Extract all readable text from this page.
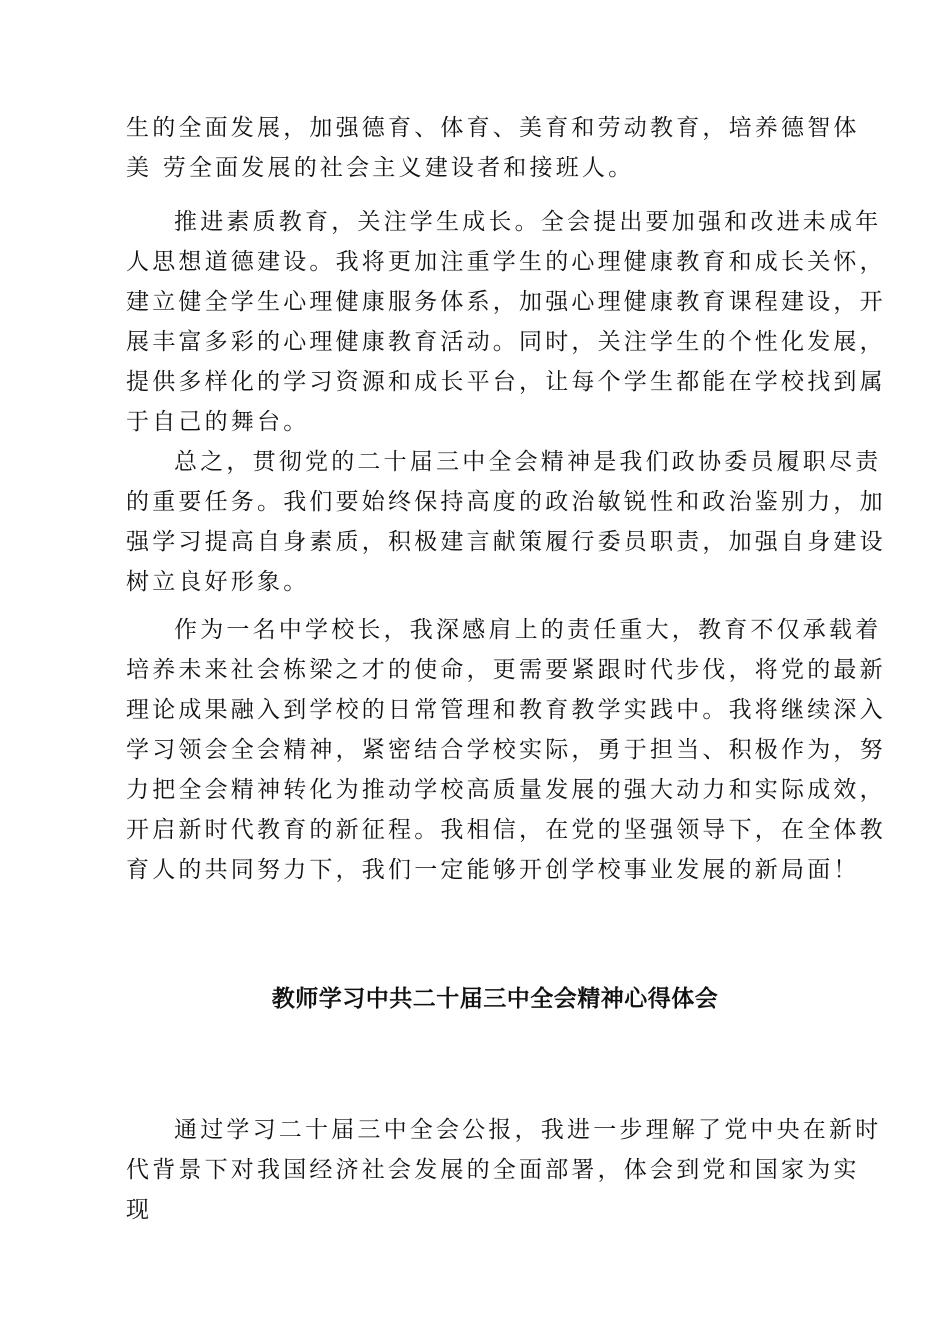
生的全面发展，加强德育、体育、美育和劳动教育，培养德智体
美 劳全面发展的社会主义建设者和接班人。

推进素质教育，关注学生成长。全会提出要加强和改进未成年
人思想道德建设。我将更加注重学生的心理健康教育和成长关怀，
建立健全学生心理健康服务体系，加强心理健康教育课程建设，开
展丰富多彩的心理健康教育活动。同时，关注学生的个性化发展，
提供多样化的学习资源和成长平台，让每个学生都能在学校找到属
于自己的舞台。

总之，贯彻党的二十届三中全会精神是我们政协委员履职尽责
的重要任务。我们要始终保持高度的政治敏锐性和政治鉴别力，加
强学习提高自身素质，积极建言献策履行委员职责，加强自身建设
树立良好形象。

作为一名中学校长，我深感肩上的责任重大，教育不仅承载着
培养未来社会栋梁之才的使命，更需要紧跟时代步伐，将党的最新
理论成果融入到学校的日常管理和教育教学实践中。我将继续深入
学习领会全会精神，紧密结合学校实际，勇于担当、积极作为，努
力把全会精神转化为推动学校高质量发展的强大动力和实际成效，
开启新时代教育的新征程。我相信，在党的坚强领导下，在全体教
育人的共同努力下，我们一定能够开创学校事业发展的新局面！

教师学习中共二十届三中全会精神心得体会

通过学习二十届三中全会公报，我进一步理解了党中央在新时
代背景下对我国经济社会发展的全面部署，体会到党和国家为实
现
